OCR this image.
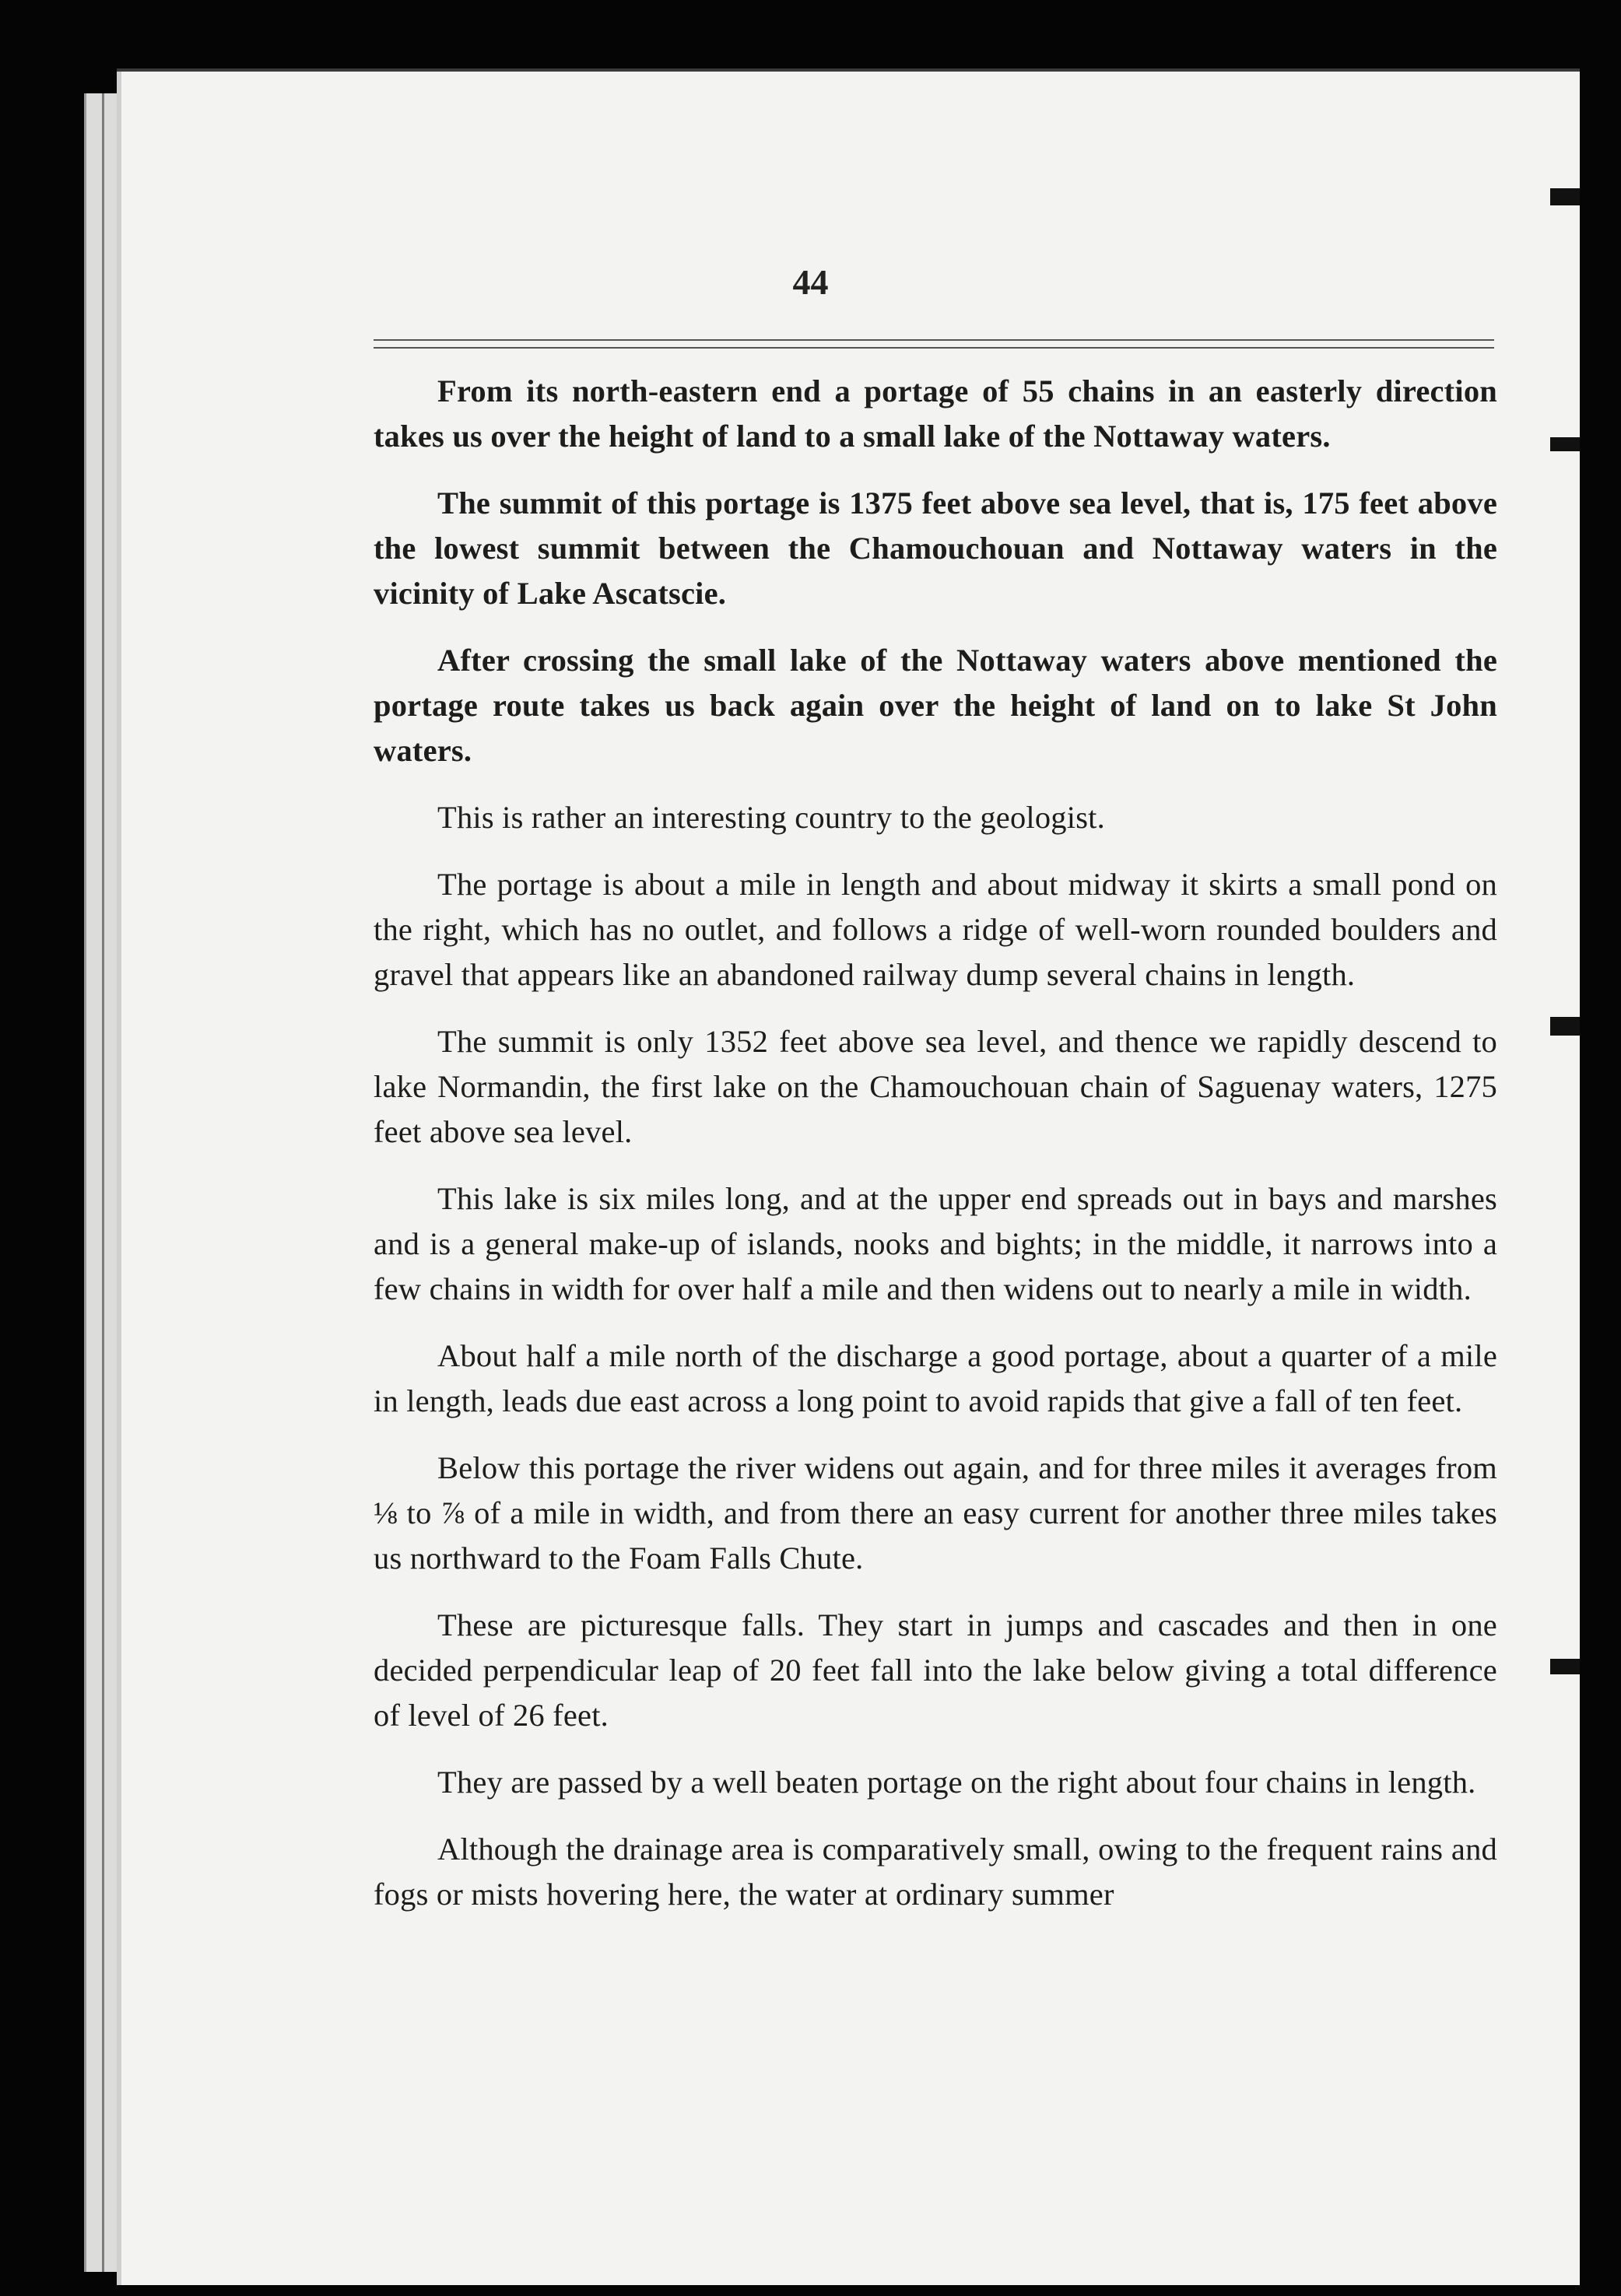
44

From its north-eastern end a portage of 55 chains in an easterly direction takes us over the height of land to a small lake of the Nottaway waters.

The summit of this portage is 1375 feet above sea level, that is, 175 feet above the lowest summit between the Chamouchouan and Nottaway waters in the vicinity of Lake Ascatscie.

After crossing the small lake of the Nottaway waters above mentioned the portage route takes us back again over the height of land on to lake St John waters.

This is rather an interesting country to the geologist.

The portage is about a mile in length and about midway it skirts a small pond on the right, which has no outlet, and follows a ridge of well-worn rounded boulders and gravel that appears like an abandoned railway dump several chains in length.

The summit is only 1352 feet above sea level, and thence we rapidly descend to lake Normandin, the first lake on the Chamouchouan chain of Saguenay waters, 1275 feet above sea level.

This lake is six miles long, and at the upper end spreads out in bays and marshes and is a general make-up of islands, nooks and bights; in the middle, it narrows into a few chains in width for over half a mile and then widens out to nearly a mile in width.

About half a mile north of the discharge a good portage, about a quarter of a mile in length, leads due east across a long point to avoid rapids that give a fall of ten feet.

Below this portage the river widens out again, and for three miles it averages from ⅛ to ⅞ of a mile in width, and from there an easy current for another three miles takes us northward to the Foam Falls Chute.

These are picturesque falls. They start in jumps and cascades and then in one decided perpendicular leap of 20 feet fall into the lake below giving a total difference of level of 26 feet.

They are passed by a well beaten portage on the right about four chains in length.

Although the drainage area is comparatively small, owing to the frequent rains and fogs or mists hovering here, the water at ordinary summer
